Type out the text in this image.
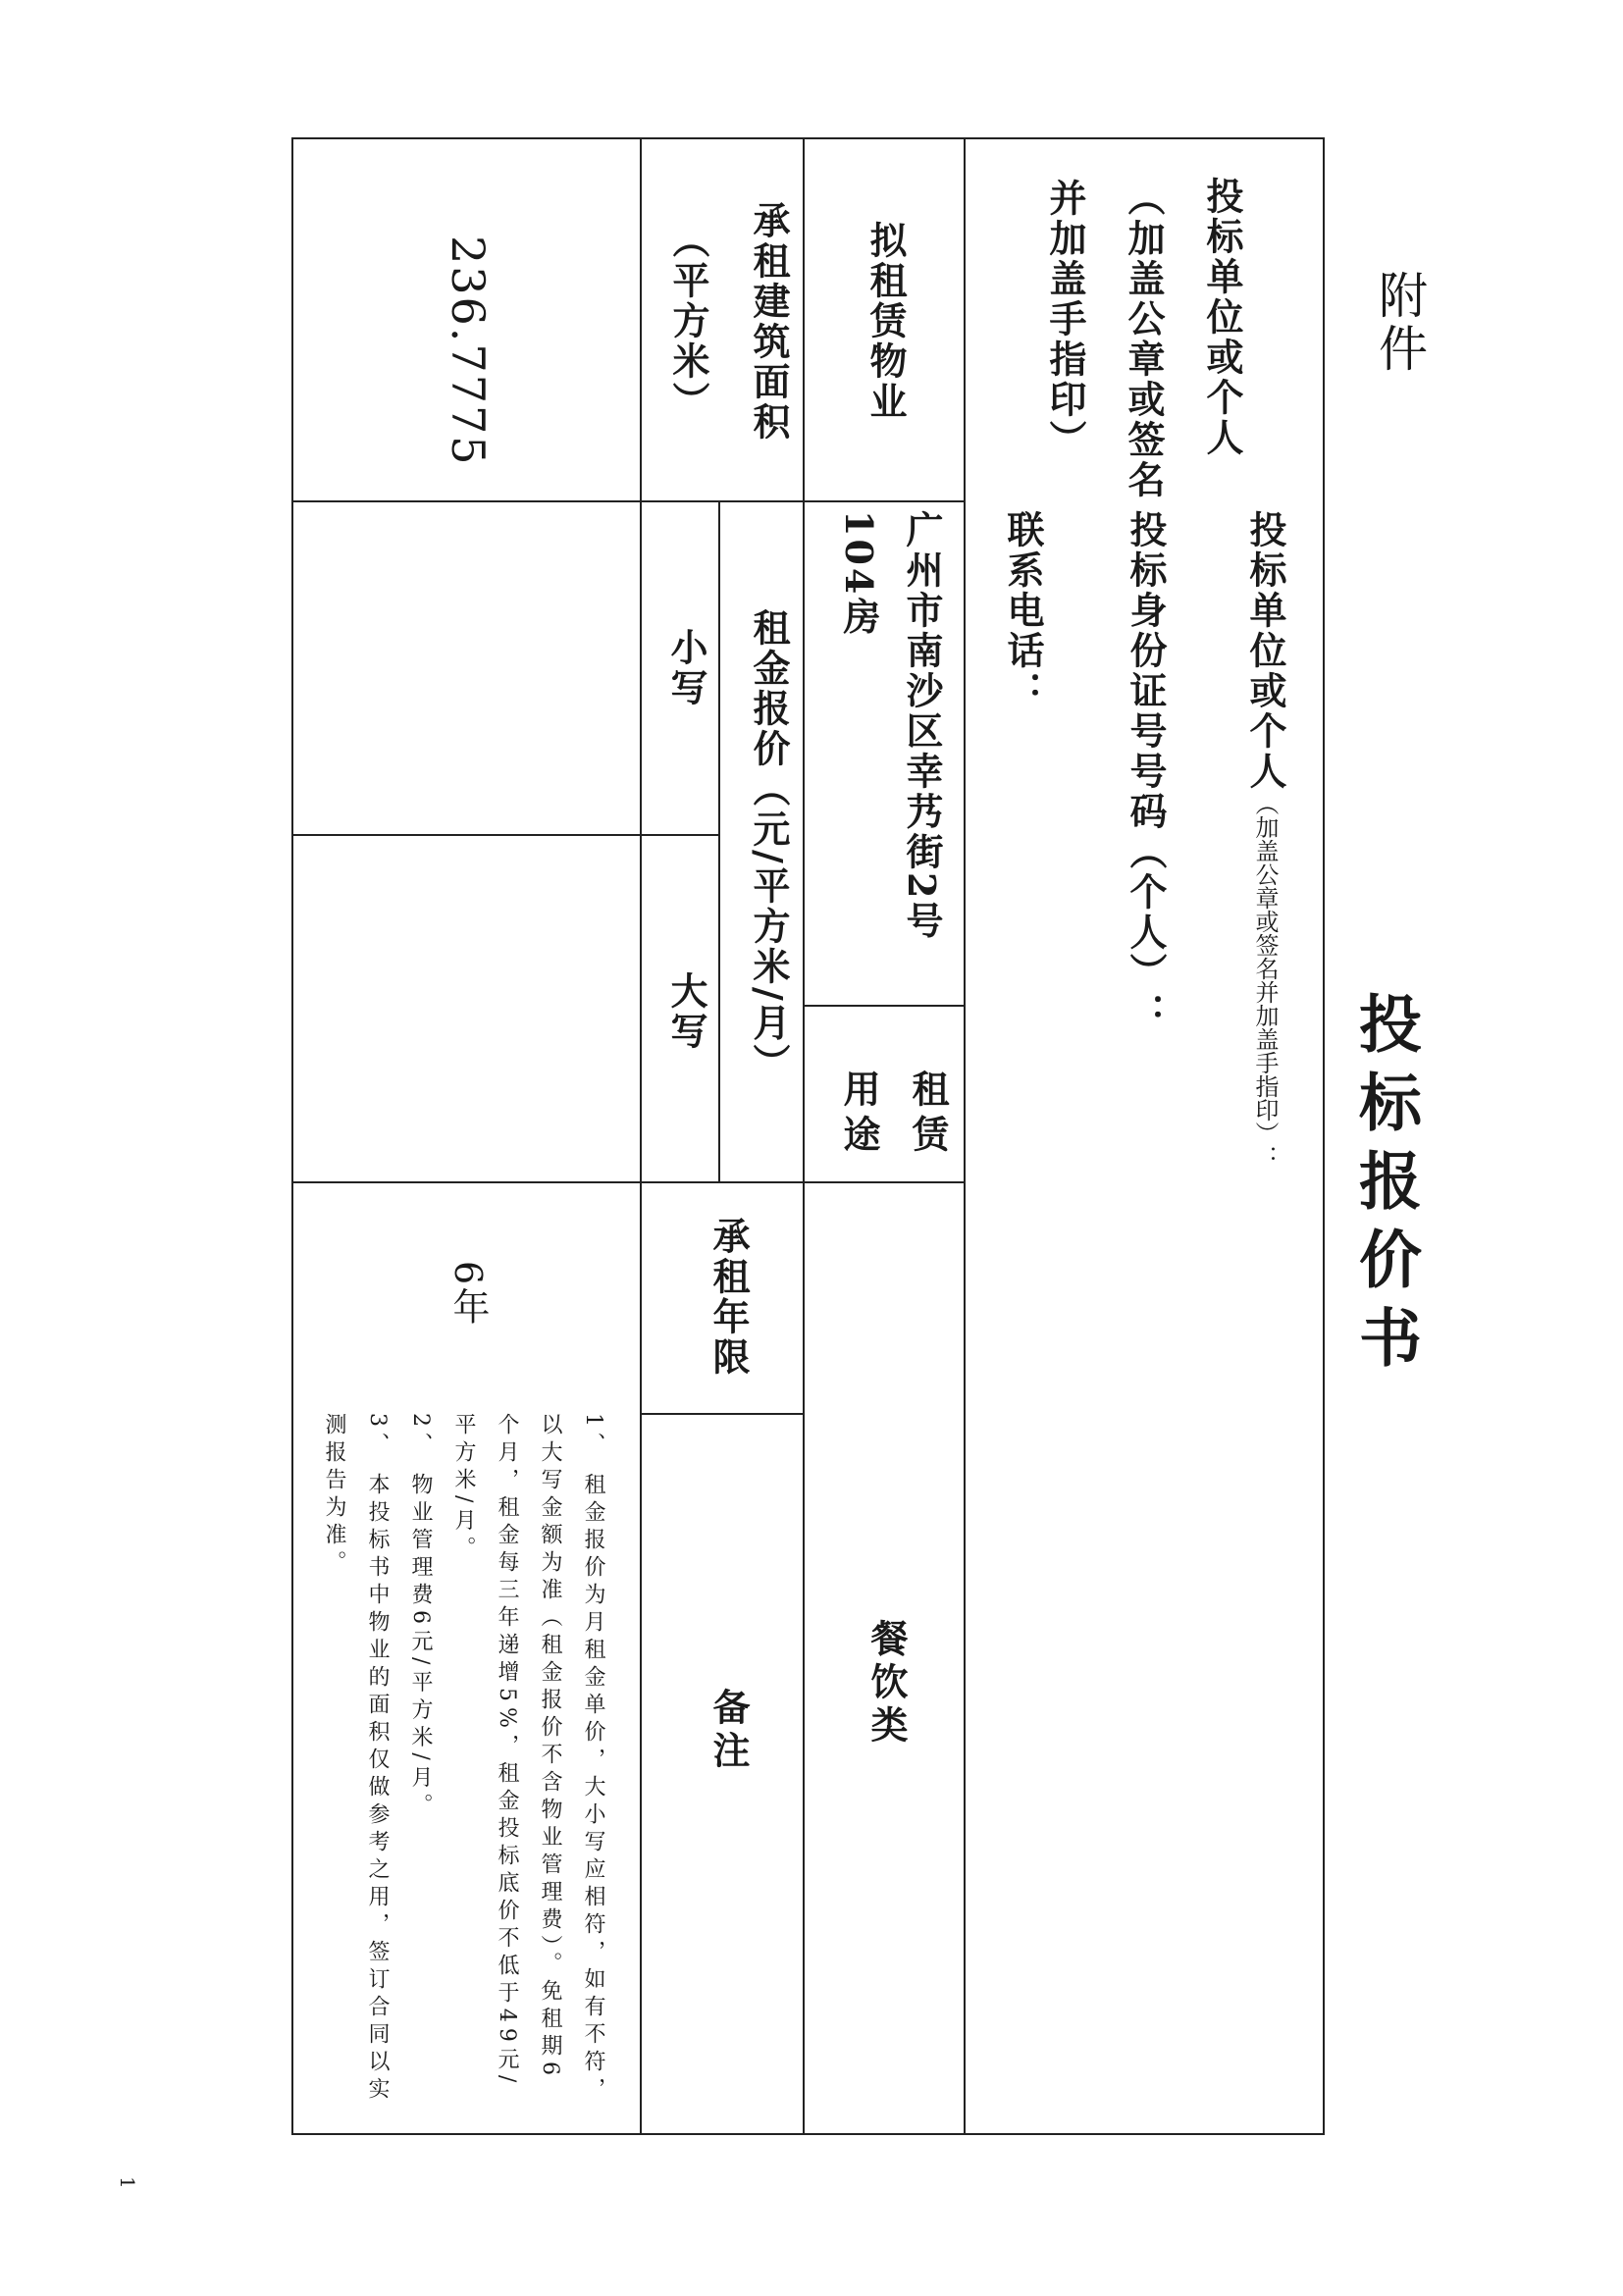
附件
投标报价书
投标单位或个人
（加盖公章或签名
并加盖手指印）
投标单位或个人（加盖公章或签名并加盖手指印）：
投标身份证号号码（个人）：
联系电话：
拟租赁物业
广州市南沙区幸艿街2号
104房
租赁
用途
餐饮类
承租建筑面积
（平方米）
租金报价（元/平方米/月）
小写
大写
承租年限
备注
236.7775
6年
1、 租金报价为月租金单价，大小写应相符，如有不符，
以大写金额为准（租金报价不含物业管理费）。免租期6
个月，租金每三年递增5%，租金投标底价不低于49元/
平方米/月。
2、 物业管理费6元/平方米/月。
3、 本投标书中物业的面积仅做参考之用，签订合同以实
测报告为准。
1
